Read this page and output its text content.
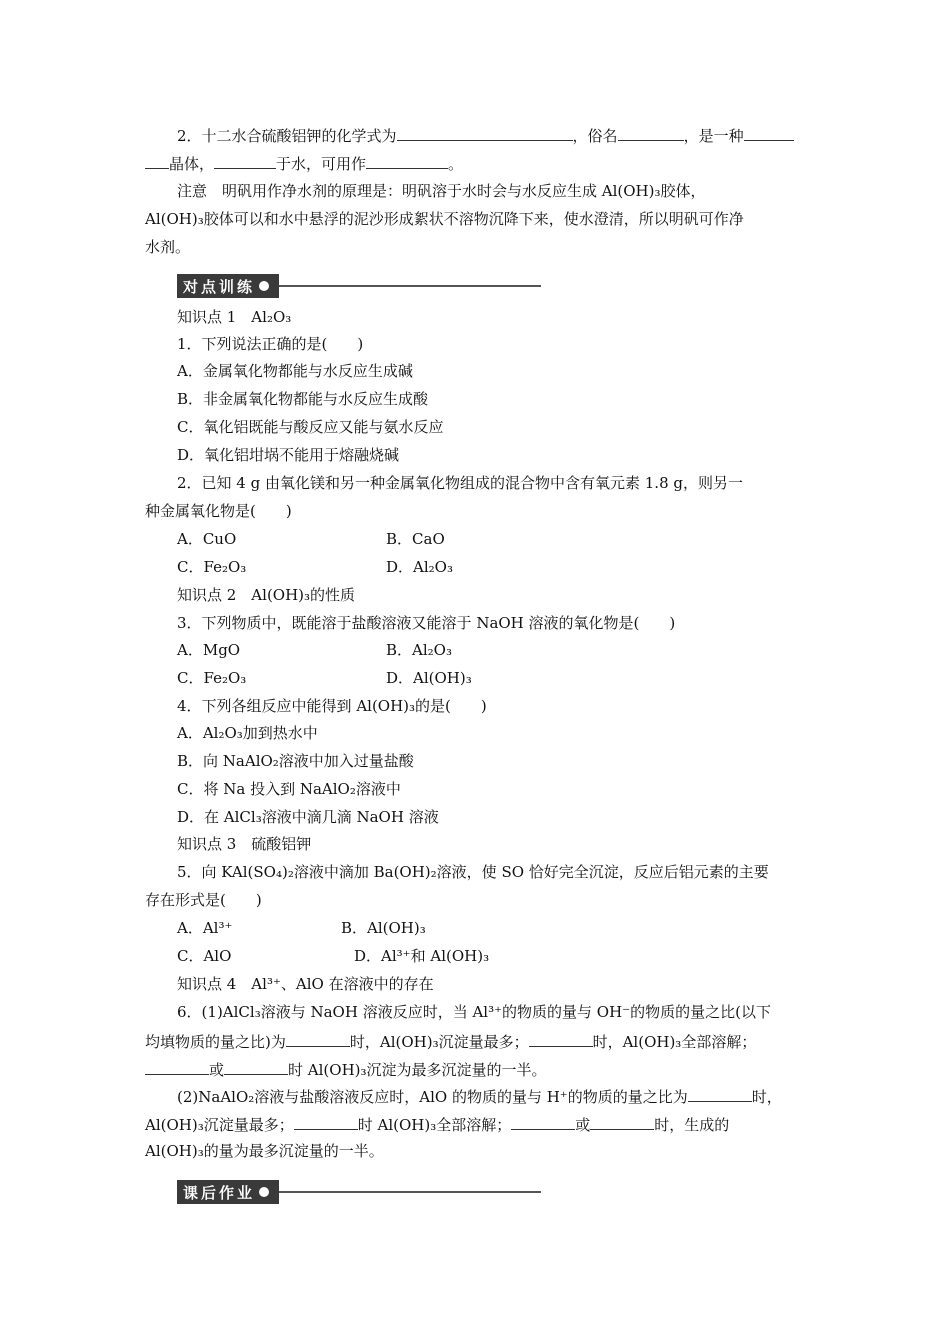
2．十二水合硫酸铝钾的化学式为	，俗名	，是一种
晶体，	于水，可用作	。
注意　明矾用作净水剂的原理是：明矾溶于水时会与水反应生成 Al(OH)₃胶体，
Al(OH)₃胶体可以和水中悬浮的泥沙形成絮状不溶物沉降下来，使水澄清，所以明矾可作净
水剂。
对点训练
知识点 1　Al₂O₃
1．下列说法正确的是(　　)
A．金属氧化物都能与水反应生成碱
B．非金属氧化物都能与水反应生成酸
C．氧化铝既能与酸反应又能与氨水反应
D．氧化铝坩埚不能用于熔融烧碱
2．已知 4 g 由氧化镁和另一种金属氧化物组成的混合物中含有氧元素 1.8 g，则另一
种金属氧化物是(　　)
A．CuO	B．CaO
C．Fe₂O₃	D．Al₂O₃
知识点 2　Al(OH)₃的性质
3．下列物质中，既能溶于盐酸溶液又能溶于 NaOH 溶液的氧化物是(　　)
A．MgO	B．Al₂O₃
C．Fe₂O₃	D．Al(OH)₃
4．下列各组反应中能得到 Al(OH)₃的是(　　)
A．Al₂O₃加到热水中
B．向 NaAlO₂溶液中加入过量盐酸
C．将 Na 投入到 NaAlO₂溶液中
D．在 AlCl₃溶液中滴几滴 NaOH 溶液
知识点 3　硫酸铝钾
5．向 KAl(SO₄)₂溶液中滴加 Ba(OH)₂溶液，使 SO 恰好完全沉淀，反应后铝元素的主要
存在形式是(　　)
A．Al³⁺	B．Al(OH)₃
C．AlO	D．Al³⁺和 Al(OH)₃
知识点 4　Al³⁺、AlO 在溶液中的存在
6．(1)AlCl₃溶液与 NaOH 溶液反应时，当 Al³⁺的物质的量与 OH⁻的物质的量之比(以下
均填物质的量之比)为	时，Al(OH)₃沉淀量最多；	时，Al(OH)₃全部溶解；
或	时 Al(OH)₃沉淀为最多沉淀量的一半。
(2)NaAlO₂溶液与盐酸溶液反应时，AlO 的物质的量与 H⁺的物质的量之比为	时，
Al(OH)₃沉淀量最多；	时 Al(OH)₃全部溶解；	或	时，生成的
Al(OH)₃的量为最多沉淀量的一半。
课后作业
